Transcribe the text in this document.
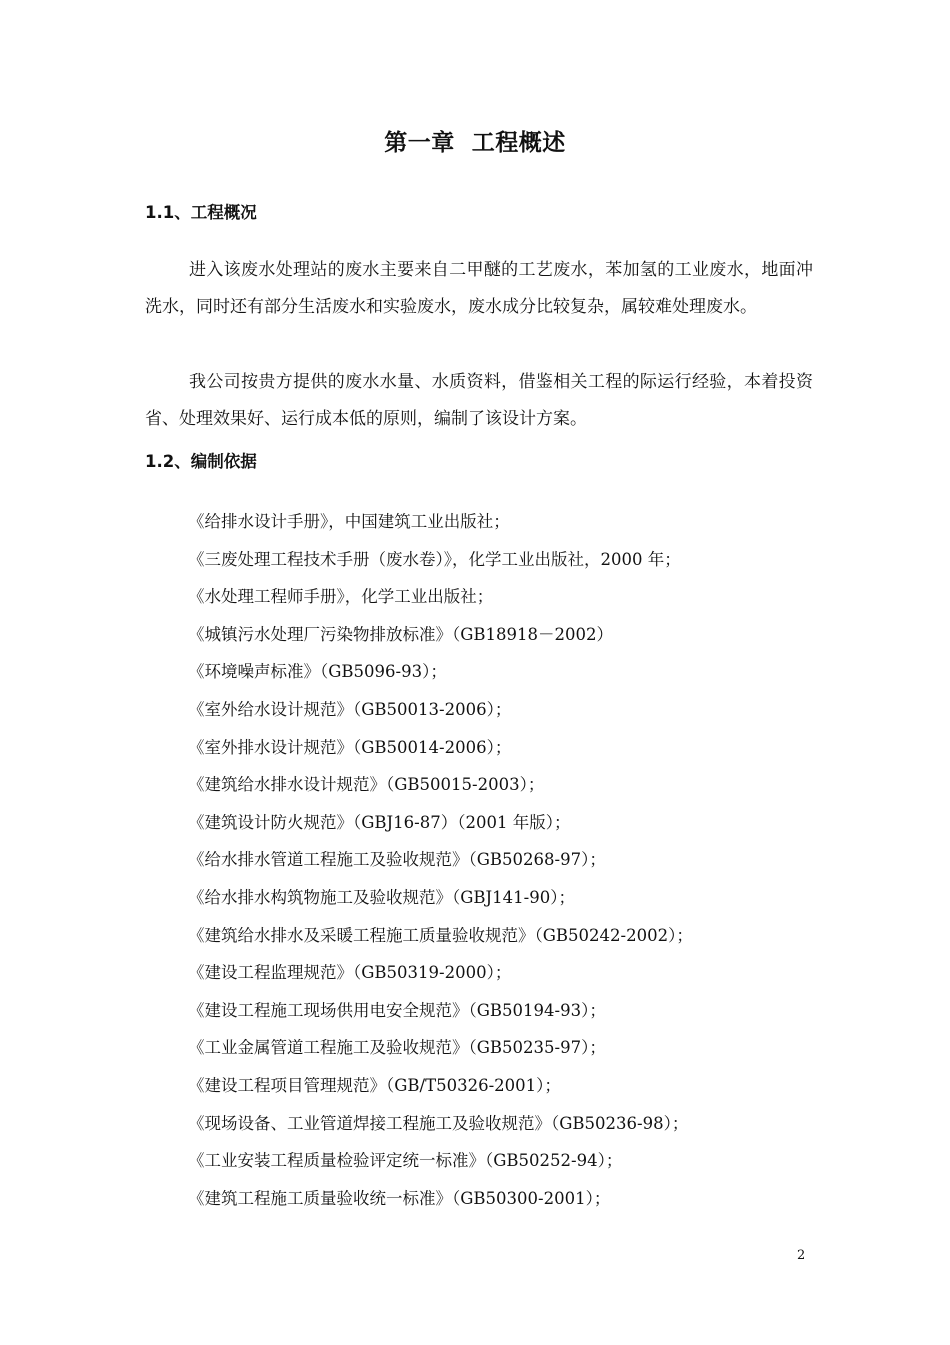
第一章  工程概述
1.1、工程概况

进入该废水处理站的废水主要来自二甲醚的工艺废水，苯加氢的工业废水，地面冲洗水，同时还有部分生活废水和实验废水，废水成分比较复杂，属较难处理废水。

我公司按贵方提供的废水水量、水质资料，借鉴相关工程的际运行经验，本着投资省、处理效果好、运行成本低的原则，编制了该设计方案。

1.2、编制依据
《给排水设计手册》，中国建筑工业出版社；
《三废处理工程技术手册（废水卷）》，化学工业出版社，2000 年；
《水处理工程师手册》，化学工业出版社；
《城镇污水处理厂污染物排放标准》（GB18918－2002）
《环境噪声标准》（GB5096-93）；
《室外给水设计规范》（GB50013-2006）；
《室外排水设计规范》（GB50014-2006）；
《建筑给水排水设计规范》（GB50015-2003）；
《建筑设计防火规范》（GBJ16-87）（2001 年版）；
《给水排水管道工程施工及验收规范》（GB50268-97）；
《给水排水构筑物施工及验收规范》（GBJ141-90）；
《建筑给水排水及采暖工程施工质量验收规范》（GB50242-2002）；
《建设工程监理规范》（GB50319-2000）；
《建设工程施工现场供用电安全规范》（GB50194-93）；
《工业金属管道工程施工及验收规范》（GB50235-97）；
《建设工程项目管理规范》（GB/T50326-2001）；
《现场设备、工业管道焊接工程施工及验收规范》（GB50236-98）；
《工业安装工程质量检验评定统一标准》（GB50252-94）；
《建筑工程施工质量验收统一标准》（GB50300-2001）；
2
